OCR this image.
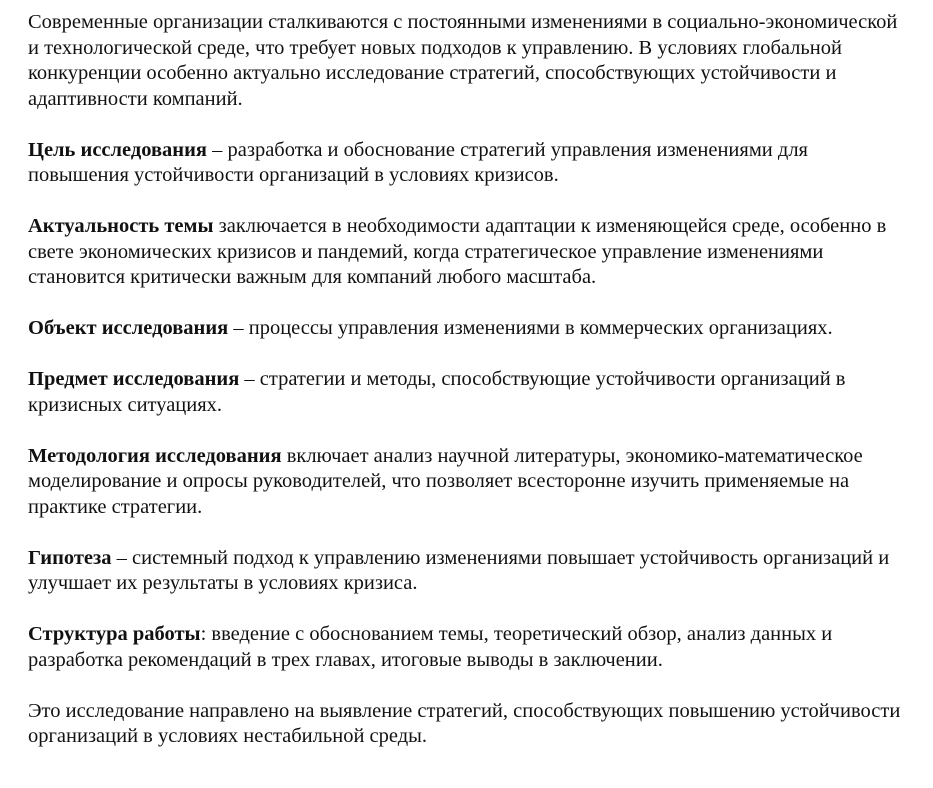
Современные организации сталкиваются с постоянными изменениями в социально-экономической и технологической среде, что требует новых подходов к управлению. В условиях глобальной конкуренции особенно актуально исследование стратегий, способствующих устойчивости и адаптивности компаний.

Цель исследования – разработка и обоснование стратегий управления изменениями для повышения устойчивости организаций в условиях кризисов.

Актуальность темы заключается в необходимости адаптации к изменяющейся среде, особенно в свете экономических кризисов и пандемий, когда стратегическое управление изменениями становится критически важным для компаний любого масштаба.

Объект исследования – процессы управления изменениями в коммерческих организациях.

Предмет исследования – стратегии и методы, способствующие устойчивости организаций в кризисных ситуациях.

Методология исследования включает анализ научной литературы, экономико-математическое моделирование и опросы руководителей, что позволяет всесторонне изучить применяемые на практике стратегии.

Гипотеза – системный подход к управлению изменениями повышает устойчивость организаций и улучшает их результаты в условиях кризиса.

Структура работы: введение с обоснованием темы, теоретический обзор, анализ данных и разработка рекомендаций в трех главах, итоговые выводы в заключении.

Это исследование направлено на выявление стратегий, способствующих повышению устойчивости организаций в условиях нестабильной среды.
